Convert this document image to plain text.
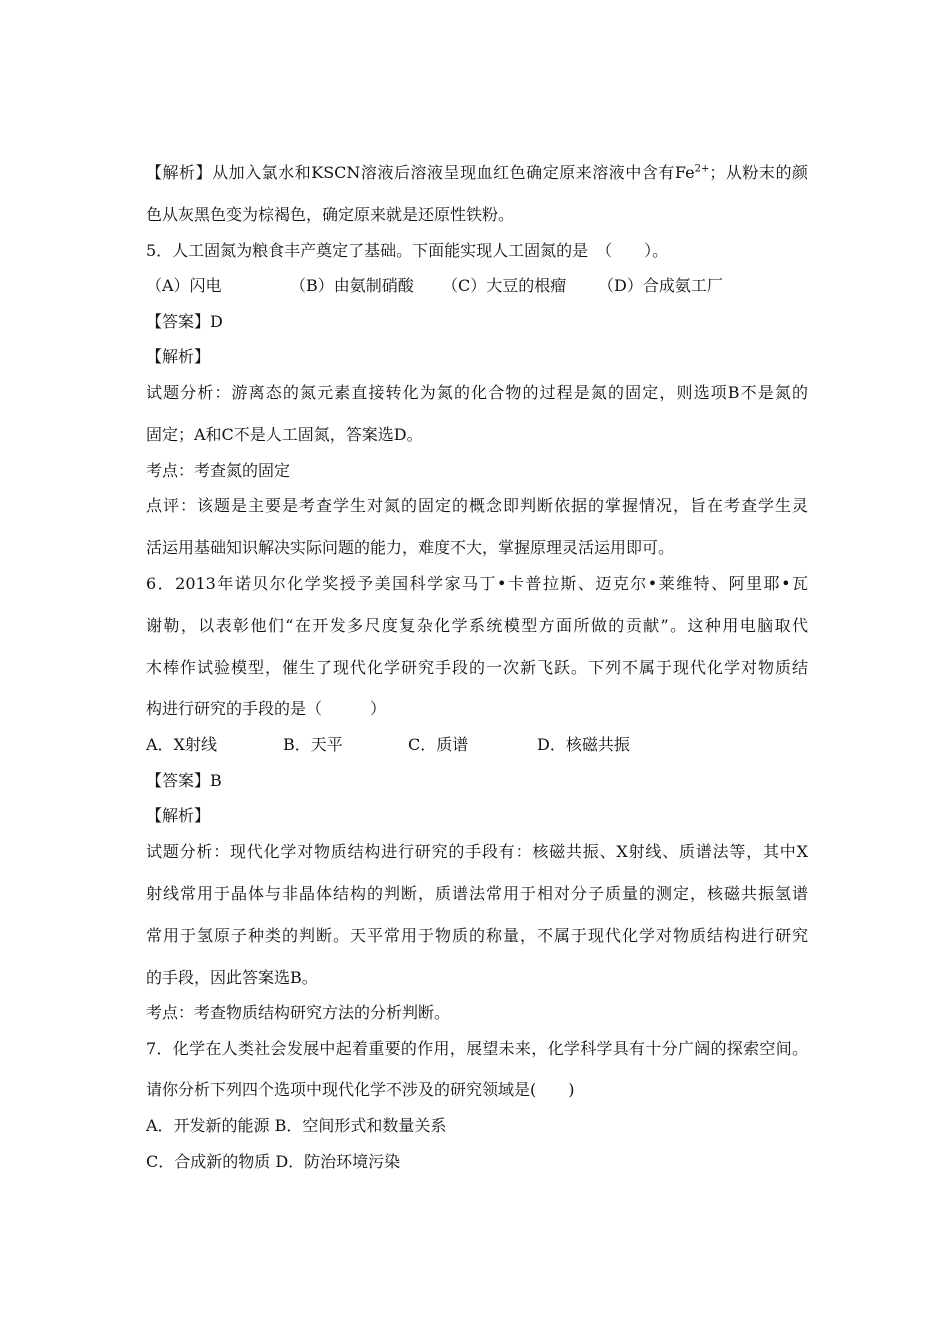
【解析】从加入氯水和KSCN溶液后溶液呈现血红色确定原来溶液中含有$Fe^{2+}$；从粉末的颜
色从灰黑色变为棕褐色，确定原来就是还原性铁粉。
5．人工固氮为粮食丰产奠定了基础。下面能实现人工固氮的是　（　　）。
（A）闪电	（B）由氨制硝酸 （C）大豆的根瘤 （D）合成氨工厂
【答案】D
【解析】
试题分析：游离态的氮元素直接转化为氮的化合物的过程是氮的固定，则选项B不是氮的
固定；A和C不是人工固氮，答案选D。
考点：考查氮的固定
点评：该题是主要是考查学生对氮的固定的概念即判断依据的掌握情况，旨在考查学生灵
活运用基础知识解决实际问题的能力，难度不大，掌握原理灵活运用即可。
6．2013年诺贝尔化学奖授予美国科学家马丁•卡普拉斯、迈克尔•莱维特、阿里耶•瓦
谢勒，以表彰他们“在开发多尺度复杂化学系统模型方面所做的贡献”。这种用电脑取代
木棒作试验模型，催生了现代化学研究手段的一次新飞跃。下列不属于现代化学对物质结
构进行研究的手段的是（　　　）
A．X射线	B．天平	C．质谱	D．核磁共振
【答案】B
【解析】
试题分析：现代化学对物质结构进行研究的手段有：核磁共振、X射线、质谱法等，其中X
射线常用于晶体与非晶体结构的判断，质谱法常用于相对分子质量的测定，核磁共振氢谱
常用于氢原子种类的判断。天平常用于物质的称量，不属于现代化学对物质结构进行研究
的手段，因此答案选B。
考点：考查物质结构研究方法的分析判断。
7．化学在人类社会发展中起着重要的作用，展望未来，化学科学具有十分广阔的探索空间。
请你分析下列四个选项中现代化学不涉及的研究领域是(　　)
A．开发新的能源 B．空间形式和数量关系
C．合成新的物质 D．防治环境污染
